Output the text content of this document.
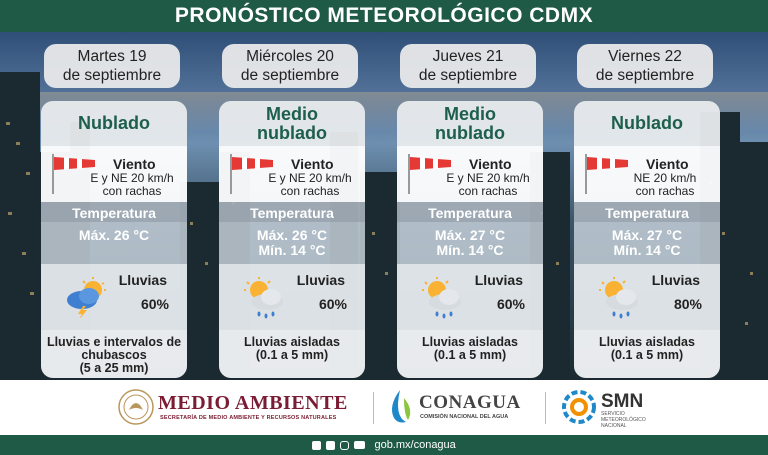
PRONÓSTICO METEOROLÓGICO CDMX
Martes 19
de septiembre
Nublado

Viento
E y NE 20 km/h
con rachas
Temperatura
Máx. 26 °C
Lluvias
60%
Lluvias e intervalos de
chubascos
(5 a 25 mm)
Miércoles 20
de septiembre
Medio
nublado
Viento
E y NE 20 km/h
con rachas
Temperatura
Máx. 26 °C
Mín. 14 °C
Lluvias
60%
Lluvias aisladas
(0.1 a 5 mm)
Jueves 21
de septiembre
Medio
nublado
Viento
E y NE 20 km/h
con rachas
Temperatura
Máx. 27 °C
Mín. 14 °C
Lluvias
60%
Lluvias aisladas
(0.1 a 5 mm)
Viernes 22
de septiembre
Nublado

Viento
NE 20 km/h
con rachas
Temperatura
Máx. 27 °C
Mín. 14 °C
Lluvias
80%
Lluvias aisladas
(0.1 a 5 mm)
MEDIO AMBIENTE
SECRETARÍA DE MEDIO AMBIENTE Y RECURSOS NATURALES
CONAGUA
COMISIÓN NACIONAL DEL AGUA
SMN
SERVICIO METEOROLÓGICO NACIONAL
gob.mx/conagua
